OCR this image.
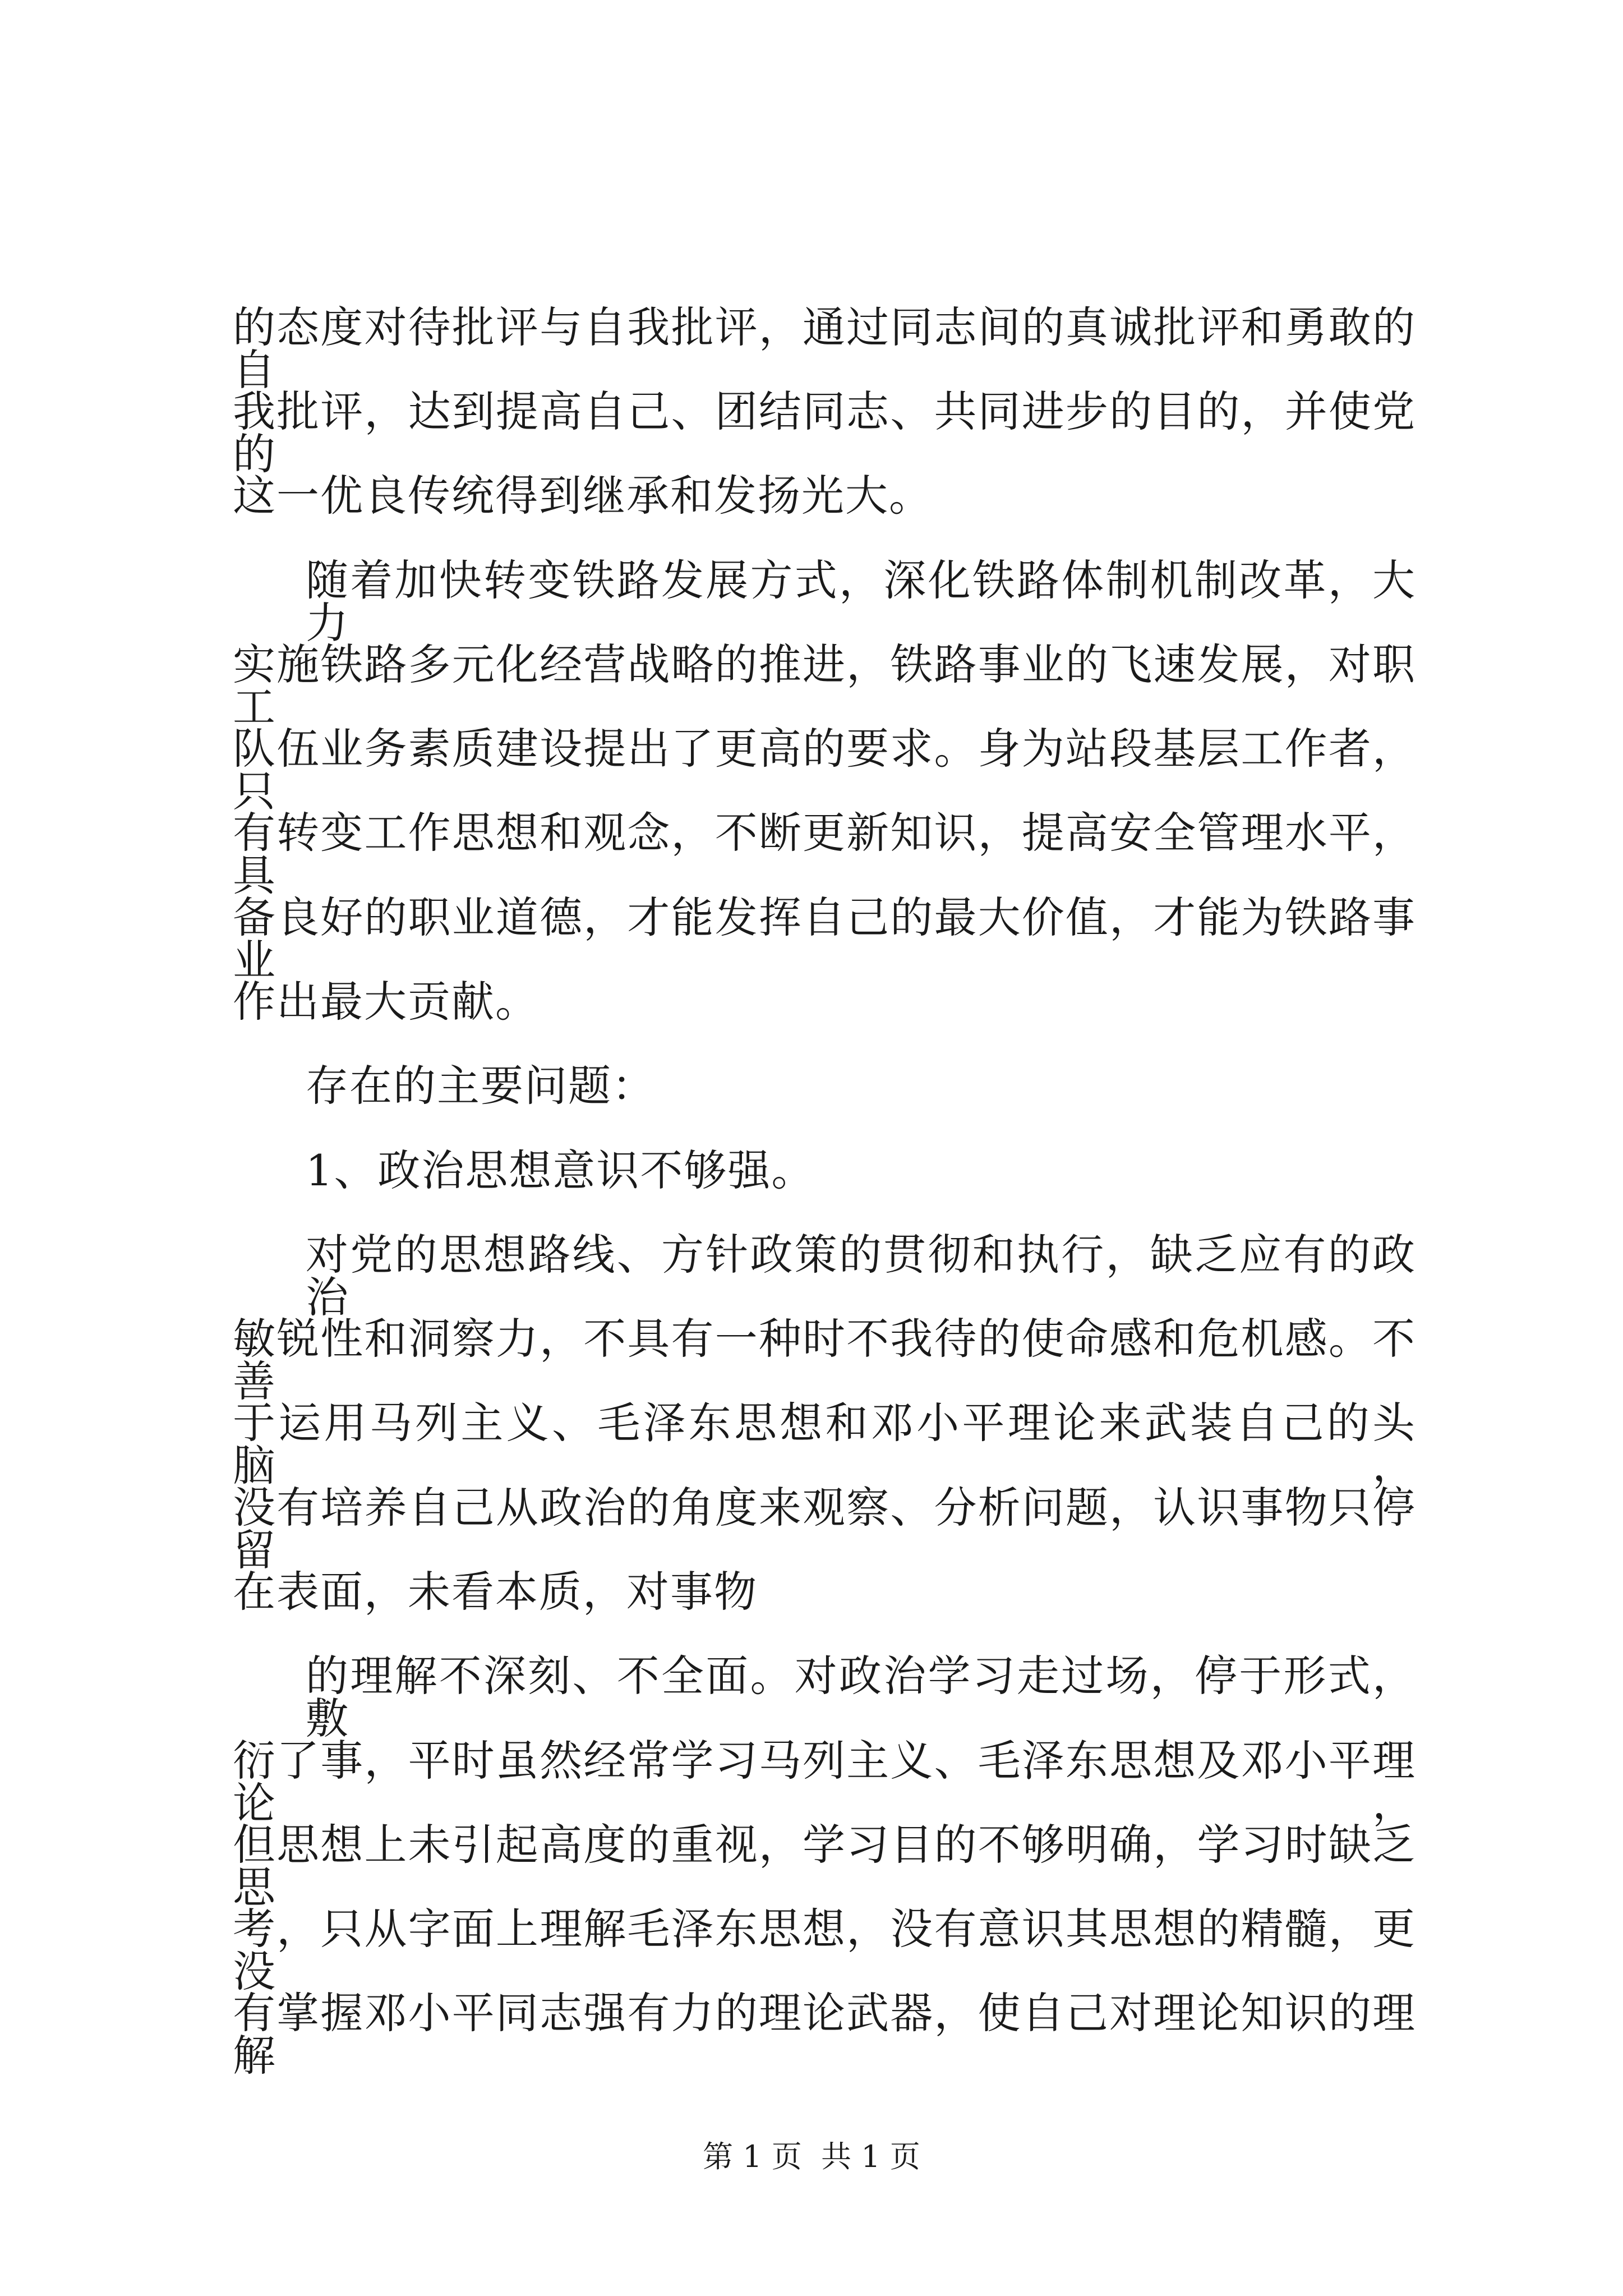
的态度对待批评与自我批评，通过同志间的真诚批评和勇敢的自
我批评，达到提高自己、团结同志、共同进步的目的，并使党的
这一优良传统得到继承和发扬光大。
随着加快转变铁路发展方式，深化铁路体制机制改革，大力
实施铁路多元化经营战略的推进，铁路事业的飞速发展，对职工
队伍业务素质建设提出了更高的要求。身为站段基层工作者，只
有转变工作思想和观念，不断更新知识，提高安全管理水平，具
备良好的职业道德，才能发挥自己的最大价值，才能为铁路事业
作出最大贡献。
存在的主要问题：
1、政治思想意识不够强。
对党的思想路线、方针政策的贯彻和执行，缺乏应有的政治
敏锐性和洞察力，不具有一种时不我待的使命感和危机感。不善
于运用马列主义、毛泽东思想和邓小平理论来武装自己的头脑，
没有培养自己从政治的角度来观察、分析问题，认识事物只停留
在表面，未看本质，对事物
的理解不深刻、不全面。对政治学习走过场，停于形式，敷
衍了事，平时虽然经常学习马列主义、毛泽东思想及邓小平理论，
但思想上未引起高度的重视，学习目的不够明确，学习时缺乏思
考，只从字面上理解毛泽东思想，没有意识其思想的精髓，更没
有掌握邓小平同志强有力的理论武器，使自己对理论知识的理解
第 1 页  共 1 页
